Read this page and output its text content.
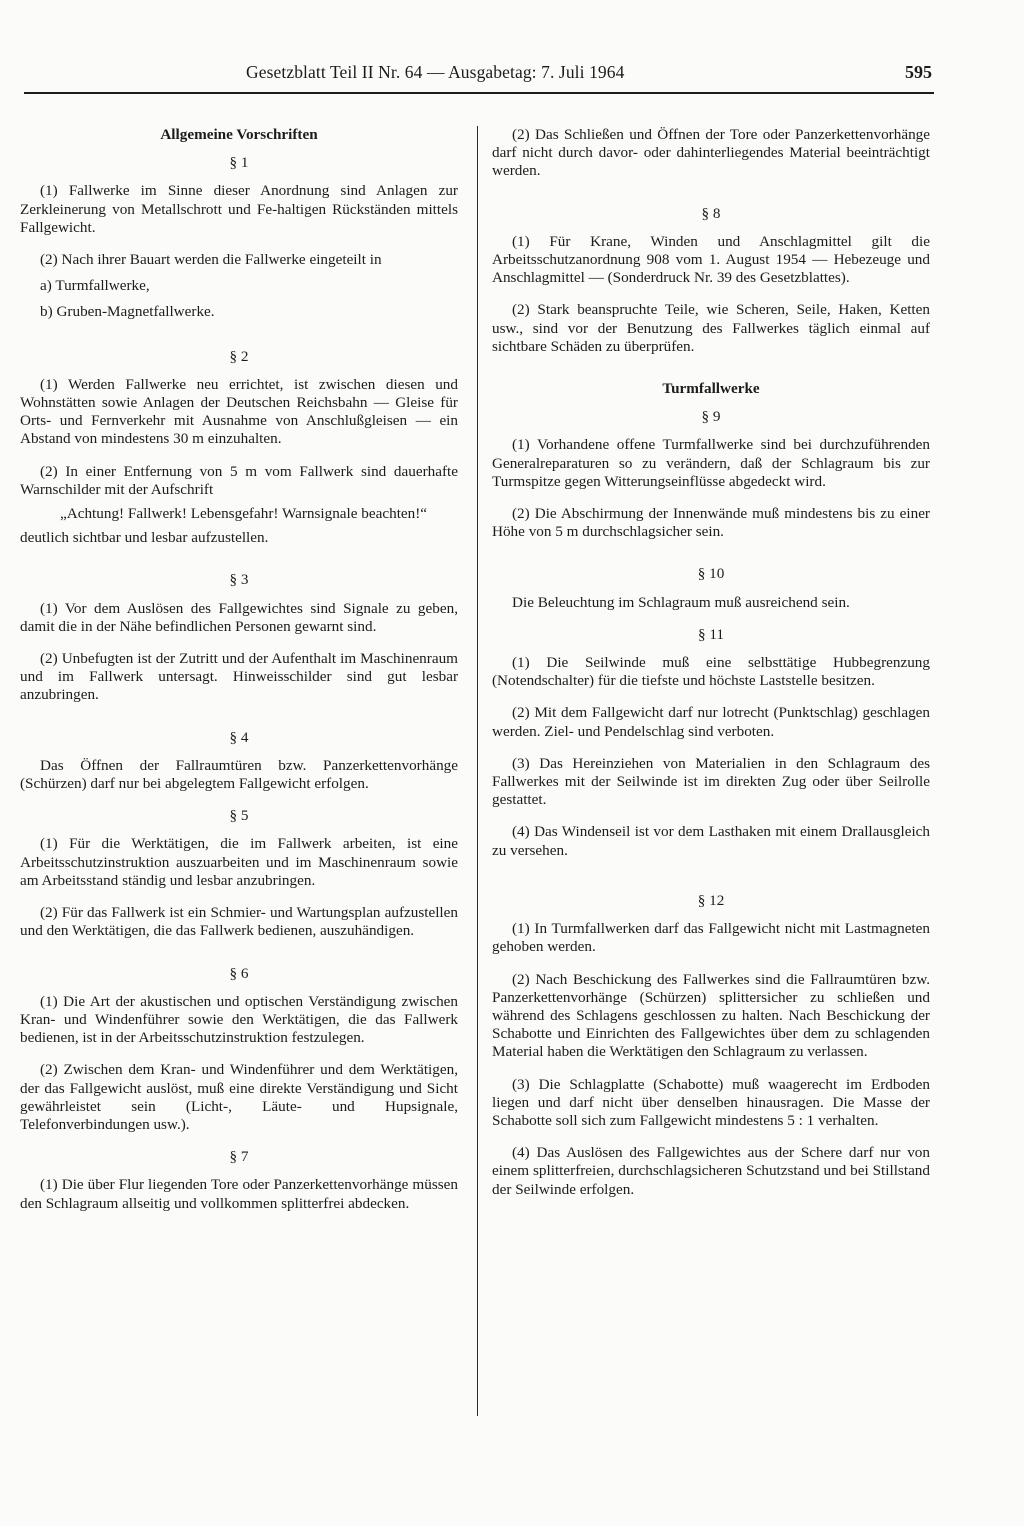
Gesetzblatt Teil II Nr. 64 — Ausgabetag: 7. Juli 1964	595
Allgemeine Vorschriften
§ 1

(1) Fallwerke im Sinne dieser Anordnung sind Anlagen zur Zerkleinerung von Metallschrott und Fe-haltigen Rückständen mittels Fallgewicht.

(2) Nach ihrer Bauart werden die Fallwerke eingeteilt in

a) Turmfallwerke,
b) Gruben-Magnetfallwerke.
§ 2

(1) Werden Fallwerke neu errichtet, ist zwischen diesen und Wohnstätten sowie Anlagen der Deutschen Reichsbahn — Gleise für Orts- und Fernverkehr mit Ausnahme von Anschlußgleisen — ein Abstand von mindestens 30 m einzuhalten.

(2) In einer Entfernung von 5 m vom Fallwerk sind dauerhafte Warnschilder mit der Aufschrift

„Achtung! Fallwerk! Lebensgefahr! Warnsignale beachten!“

deutlich sichtbar und lesbar aufzustellen.

§ 3

(1) Vor dem Auslösen des Fallgewichtes sind Signale zu geben, damit die in der Nähe befindlichen Personen gewarnt sind.

(2) Unbefugten ist der Zutritt und der Aufenthalt im Maschinenraum und im Fallwerk untersagt. Hinweisschilder sind gut lesbar anzubringen.

§ 4

Das Öffnen der Fallraumtüren bzw. Panzerkettenvorhänge (Schürzen) darf nur bei abgelegtem Fallgewicht erfolgen.

§ 5

(1) Für die Werktätigen, die im Fallwerk arbeiten, ist eine Arbeitsschutzinstruktion auszuarbeiten und im Maschinenraum sowie am Arbeitsstand ständig und lesbar anzubringen.

(2) Für das Fallwerk ist ein Schmier- und Wartungsplan aufzustellen und den Werktätigen, die das Fallwerk bedienen, auszuhändigen.

§ 6

(1) Die Art der akustischen und optischen Verständigung zwischen Kran- und Windenführer sowie den Werktätigen, die das Fallwerk bedienen, ist in der Arbeitsschutzinstruktion festzulegen.

(2) Zwischen dem Kran- und Windenführer und dem Werktätigen, der das Fallgewicht auslöst, muß eine direkte Verständigung und Sicht gewährleistet sein (Licht-, Läute- und Hupsignale, Telefonverbindungen usw.).

§ 7

(1) Die über Flur liegenden Tore oder Panzerkettenvorhänge müssen den Schlagraum allseitig und vollkommen splitterfrei abdecken.

(2) Das Schließen und Öffnen der Tore oder Panzerkettenvorhänge darf nicht durch davor- oder dahinterliegendes Material beeinträchtigt werden.

§ 8

(1) Für Krane, Winden und Anschlagmittel gilt die Arbeitsschutzanordnung 908 vom 1. August 1954 — Hebezeuge und Anschlagmittel — (Sonderdruck Nr. 39 des Gesetzblattes).

(2) Stark beanspruchte Teile, wie Scheren, Seile, Haken, Ketten usw., sind vor der Benutzung des Fallwerkes täglich einmal auf sichtbare Schäden zu überprüfen.

Turmfallwerke
§ 9

(1) Vorhandene offene Turmfallwerke sind bei durchzuführenden Generalreparaturen so zu verändern, daß der Schlagraum bis zur Turmspitze gegen Witterungseinflüsse abgedeckt wird.

(2) Die Abschirmung der Innenwände muß mindestens bis zu einer Höhe von 5 m durchschlagsicher sein.

§ 10

Die Beleuchtung im Schlagraum muß ausreichend sein.

§ 11

(1) Die Seilwinde muß eine selbsttätige Hubbegrenzung (Notendschalter) für die tiefste und höchste Laststelle besitzen.

(2) Mit dem Fallgewicht darf nur lotrecht (Punktschlag) geschlagen werden. Ziel- und Pendelschlag sind verboten.

(3) Das Hereinziehen von Materialien in den Schlagraum des Fallwerkes mit der Seilwinde ist im direkten Zug oder über Seilrolle gestattet.

(4) Das Windenseil ist vor dem Lasthaken mit einem Drallausgleich zu versehen.

§ 12

(1) In Turmfallwerken darf das Fallgewicht nicht mit Lastmagneten gehoben werden.

(2) Nach Beschickung des Fallwerkes sind die Fallraumtüren bzw. Panzerkettenvorhänge (Schürzen) splittersicher zu schließen und während des Schlagens geschlossen zu halten. Nach Beschickung der Schabotte und Einrichten des Fallgewichtes über dem zu schlagenden Material haben die Werktätigen den Schlagraum zu verlassen.

(3) Die Schlagplatte (Schabotte) muß waagerecht im Erdboden liegen und darf nicht über denselben hinausragen. Die Masse der Schabotte soll sich zum Fallgewicht mindestens 5 : 1 verhalten.

(4) Das Auslösen des Fallgewichtes aus der Schere darf nur von einem splitterfreien, durchschlagsicheren Schutzstand und bei Stillstand der Seilwinde erfolgen.
